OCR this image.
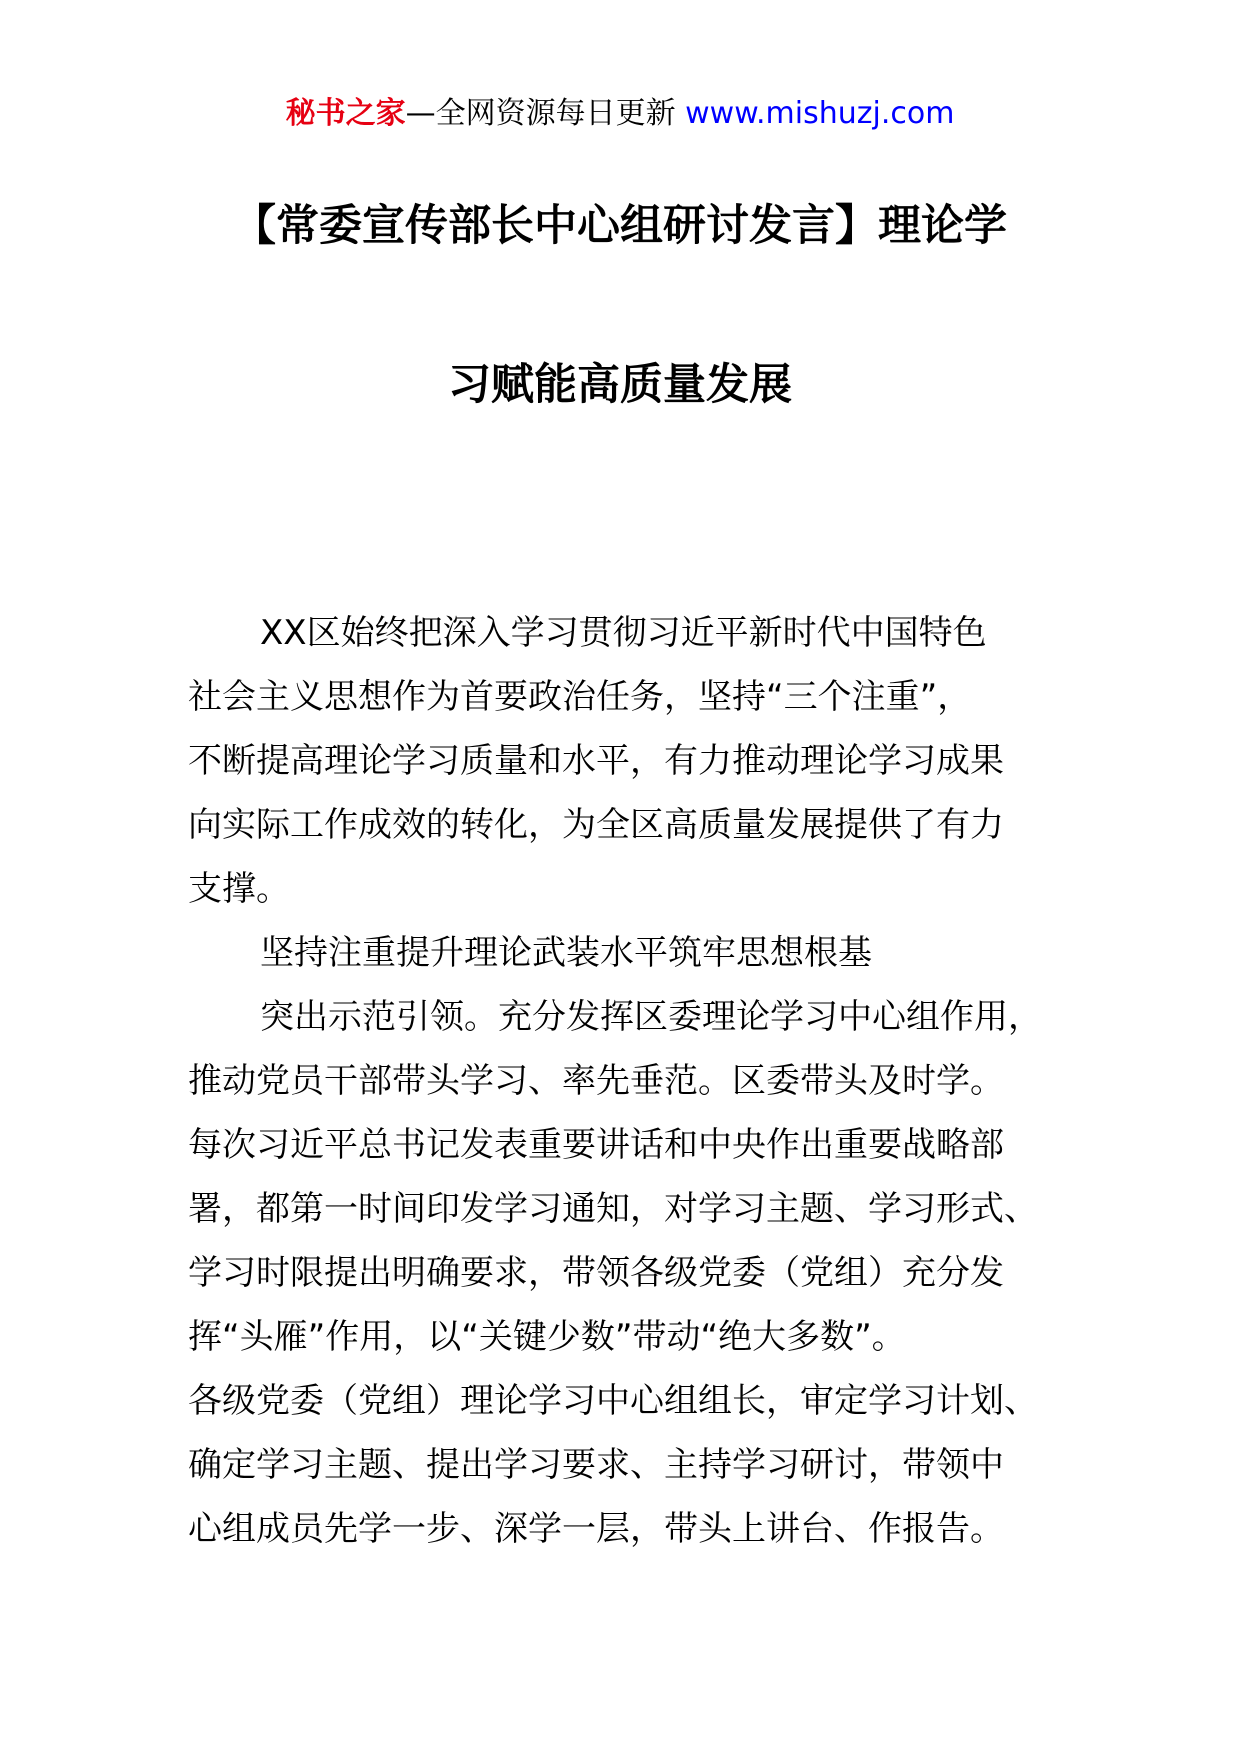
秘书之家—全网资源每日更新 www.mishuzj.com
【常委宣传部长中心组研讨发言】理论学
习赋能高质量发展
XX区始终把深入学习贯彻习近平新时代中国特色
社会主义思想作为首要政治任务，坚持“三个注重”，
不断提高理论学习质量和水平，有力推动理论学习成果
向实际工作成效的转化，为全区高质量发展提供了有力
支撑。
坚持注重提升理论武装水平筑牢思想根基
突出示范引领。充分发挥区委理论学习中心组作用，
推动党员干部带头学习、率先垂范。区委带头及时学。
每次习近平总书记发表重要讲话和中央作出重要战略部
署，都第一时间印发学习通知，对学习主题、学习形式、
学习时限提出明确要求，带领各级党委（党组）充分发
挥“头雁”作用，以“关键少数”带动“绝大多数”。
各级党委（党组）理论学习中心组组长，审定学习计划、
确定学习主题、提出学习要求、主持学习研讨，带领中
心组成员先学一步、深学一层，带头上讲台、作报告。
